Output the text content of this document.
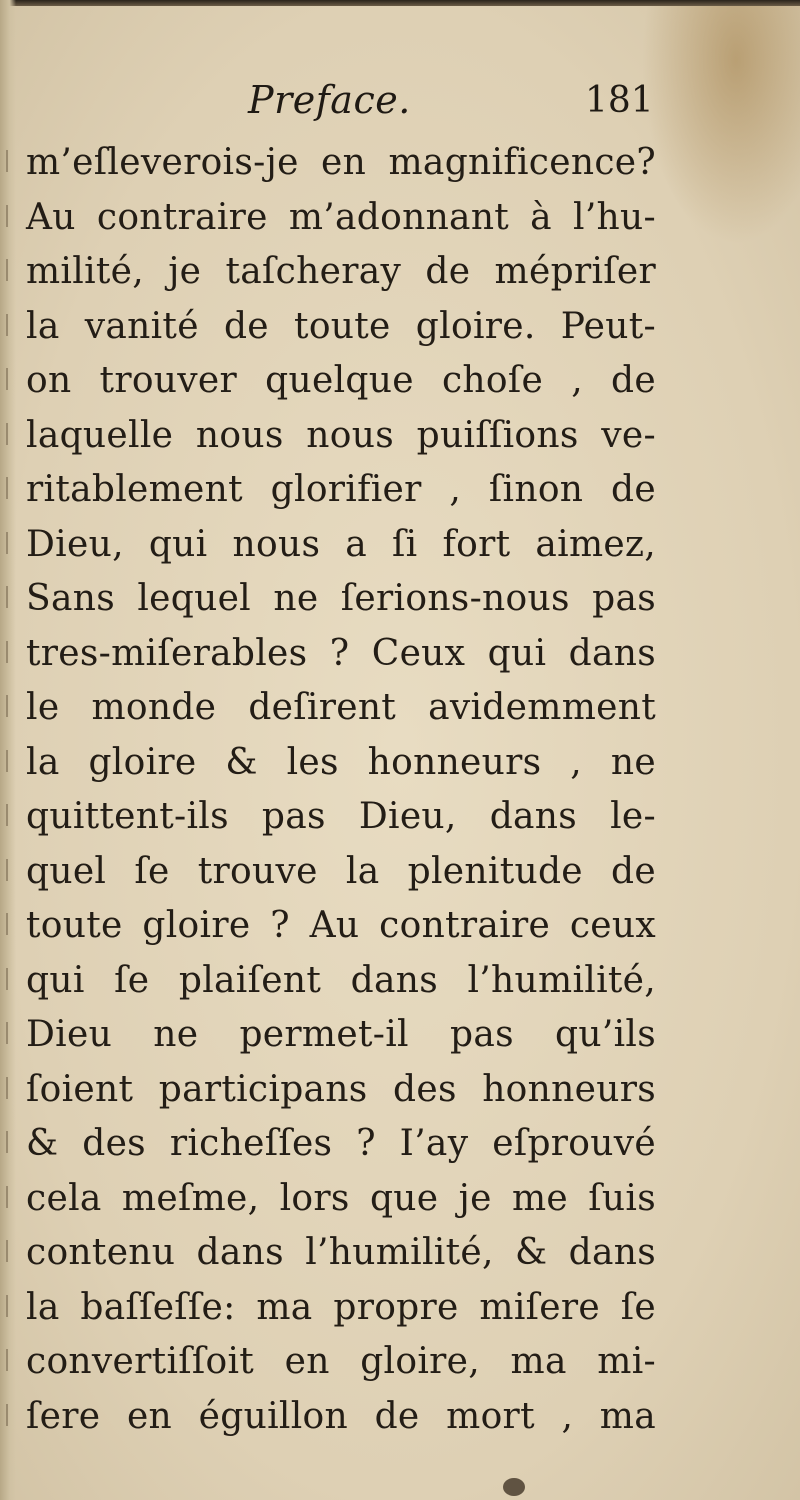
Preface.	181
m’eſleverois-je en magnificence?
Au contraire m’adonnant à l’hu-
milité, je taſcheray de mépriſer
la vanité de toute gloire. Peut-
on trouver quelque choſe , de
laquelle nous nous puiſſions ve-
ritablement glorifier , ſinon de
Dieu, qui nous a ſi fort aimez,
Sans lequel ne ſerions-nous pas
tres-miſerables ? Ceux qui dans
le monde deſirent avidemment
la gloire & les honneurs , ne
quittent-ils pas Dieu, dans le-
quel ſe trouve la plenitude de
toute gloire ? Au contraire ceux
qui ſe plaiſent dans l’humilité,
Dieu ne permet-il pas qu’ils
ſoient participans des honneurs
& des richeſſes ? I’ay eſprouvé
cela meſme, lors que je me ſuis
contenu dans l’humilité, & dans
la baſſeſſe: ma propre miſere ſe
convertiſſoit en gloire, ma mi-
ſere en éguillon de mort , ma
